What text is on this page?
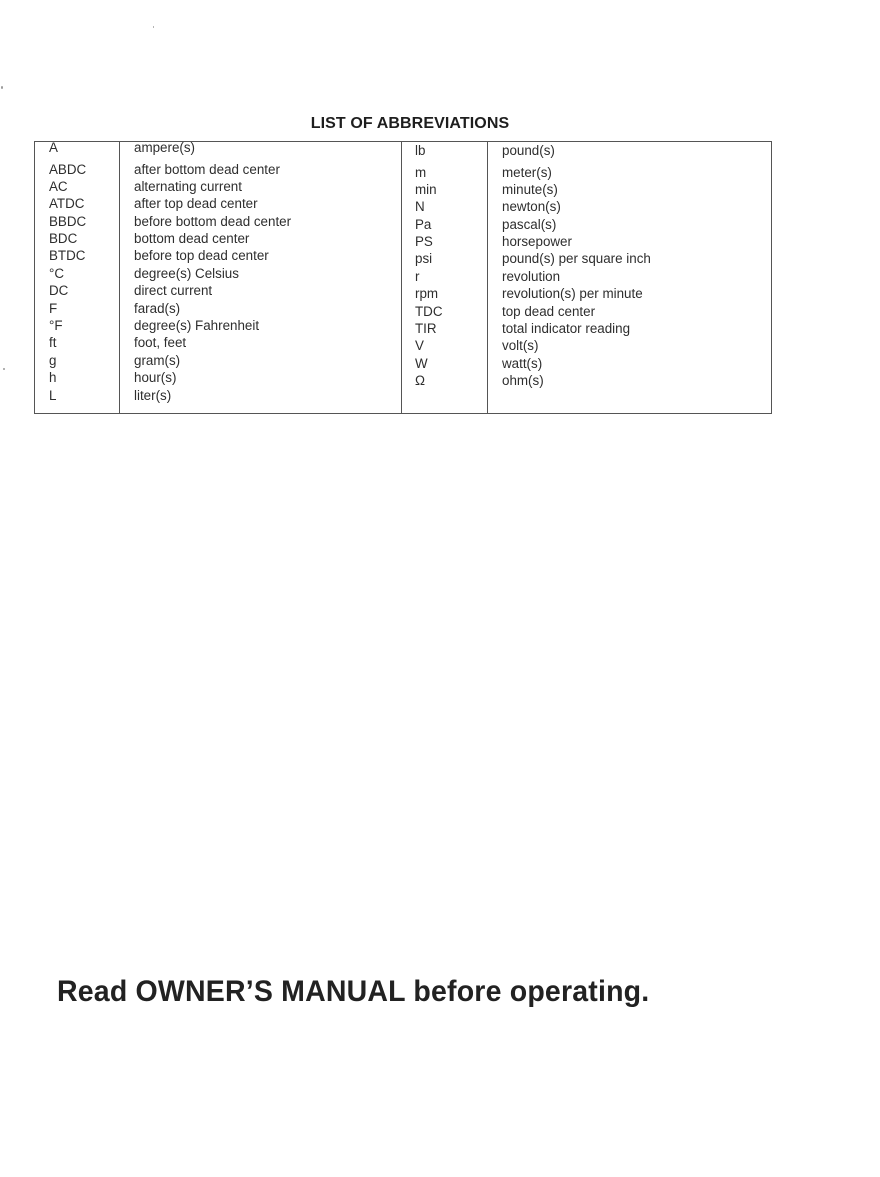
LIST OF ABBREVIATIONS
A
ABDC
AC
ATDC
BBDC
BDC
BTDC
°C
DC
F
°F
ft
g
h
L
ampere(s)
after bottom dead center
alternating current
after top dead center
before bottom dead center
bottom dead center
before top dead center
degree(s) Celsius
direct current
farad(s)
degree(s) Fahrenheit
foot, feet
gram(s)
hour(s)
liter(s)
lb
m
min
N
Pa
PS
psi
r
rpm
TDC
TIR
V
W
Ω
pound(s)
meter(s)
minute(s)
newton(s)
pascal(s)
horsepower
pound(s) per square inch
revolution
revolution(s) per minute
top dead center
total indicator reading
volt(s)
watt(s)
ohm(s)
Read OWNER’S MANUAL before operating.
